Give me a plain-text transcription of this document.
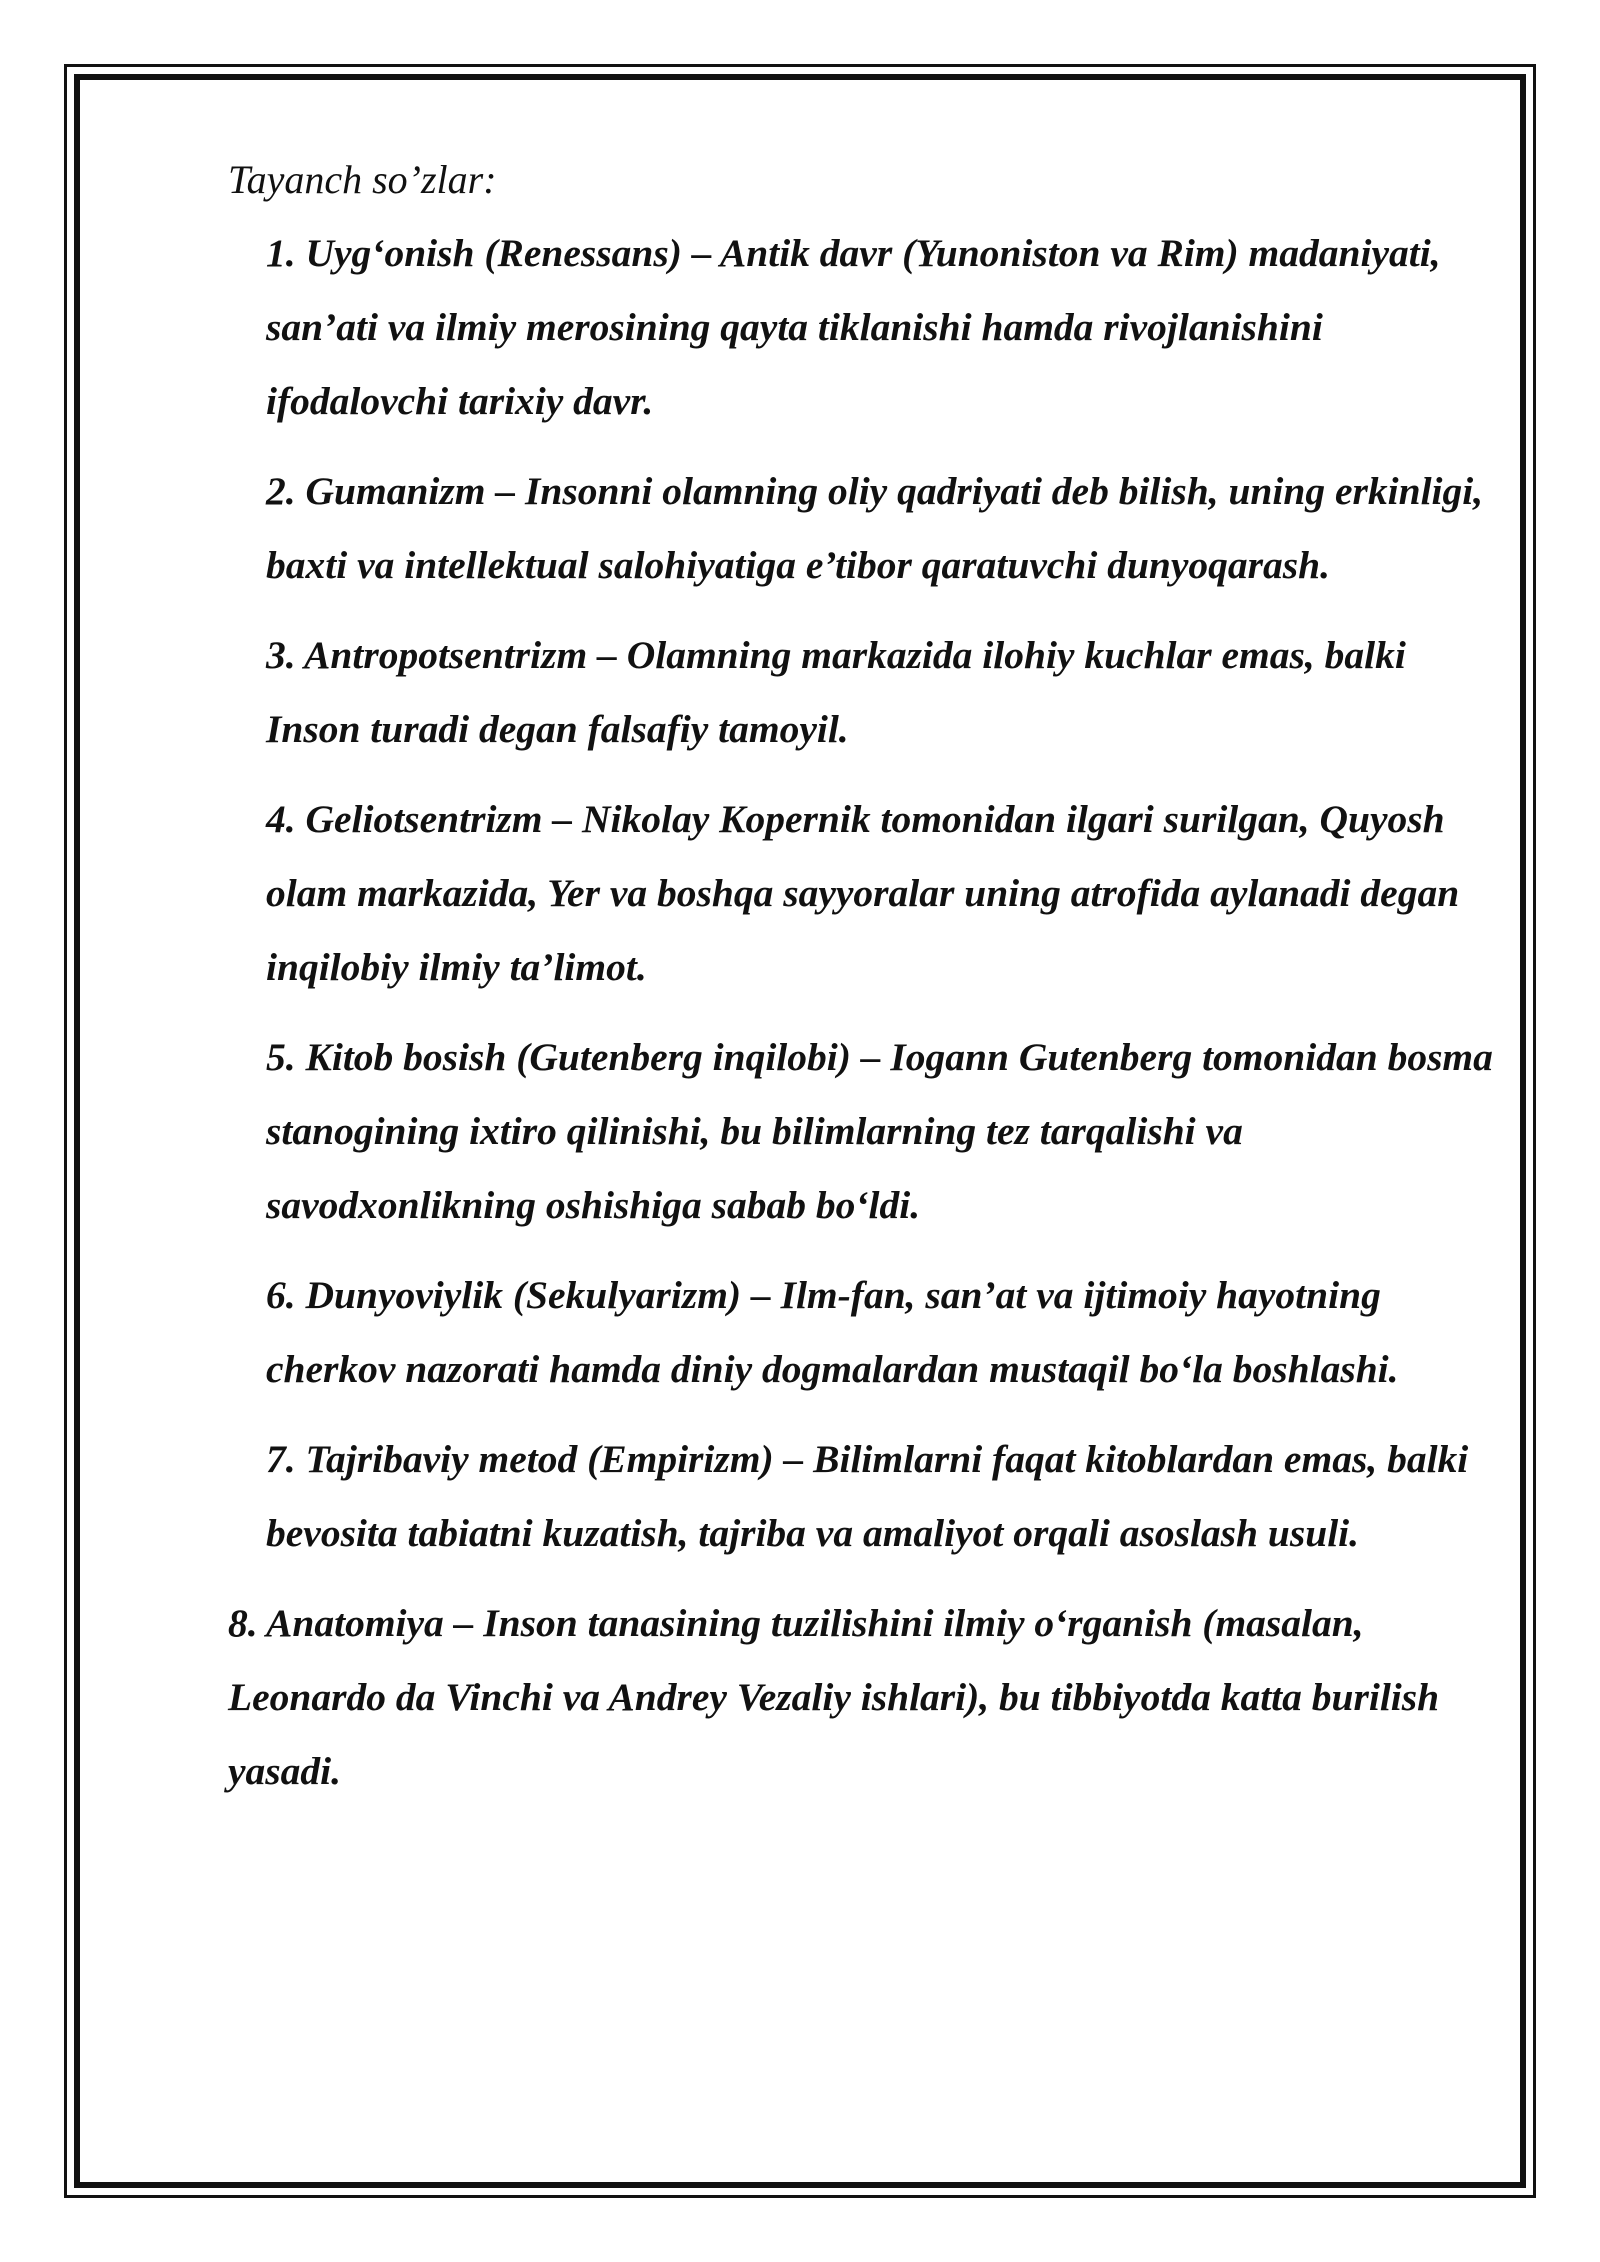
Tayanch so’zlar:
1. Uyg‘onish (Renessans) – Antik davr (Yunoniston va Rim) madaniyati, san’ati va ilmiy merosining qayta tiklanishi hamda rivojlanishini ifodalovchi tarixiy davr.
2. Gumanizm – Insonni olamning oliy qadriyati deb bilish, uning erkinligi, baxti va intellektual salohiyatiga e’tibor qaratuvchi dunyoqarash.
3. Antropotsentrizm – Olamning markazida ilohiy kuchlar emas, balki Inson turadi degan falsafiy tamoyil.
4. Geliotsentrizm – Nikolay Kopernik tomonidan ilgari surilgan, Quyosh olam markazida, Yer va boshqa sayyoralar uning atrofida aylanadi degan inqilobiy ilmiy ta’limot.
5. Kitob bosish (Gutenberg inqilobi) – Iogann Gutenberg tomonidan bosma stanogining ixtiro qilinishi, bu bilimlarning tez tarqalishi va savodxonlikning oshishiga sabab bo‘ldi.
6. Dunyoviylik (Sekulyarizm) – Ilm-fan, san’at va ijtimoiy hayotning cherkov nazorati hamda diniy dogmalardan mustaqil bo‘la boshlashi.
7. Tajribaviy metod (Empirizm) – Bilimlarni faqat kitoblardan emas, balki bevosita tabiatni kuzatish, tajriba va amaliyot orqali asoslash usuli.
8. Anatomiya – Inson tanasining tuzilishini ilmiy o‘rganish (masalan, Leonardo da Vinchi va Andrey Vezaliy ishlari), bu tibbiyotda katta burilish yasadi.
